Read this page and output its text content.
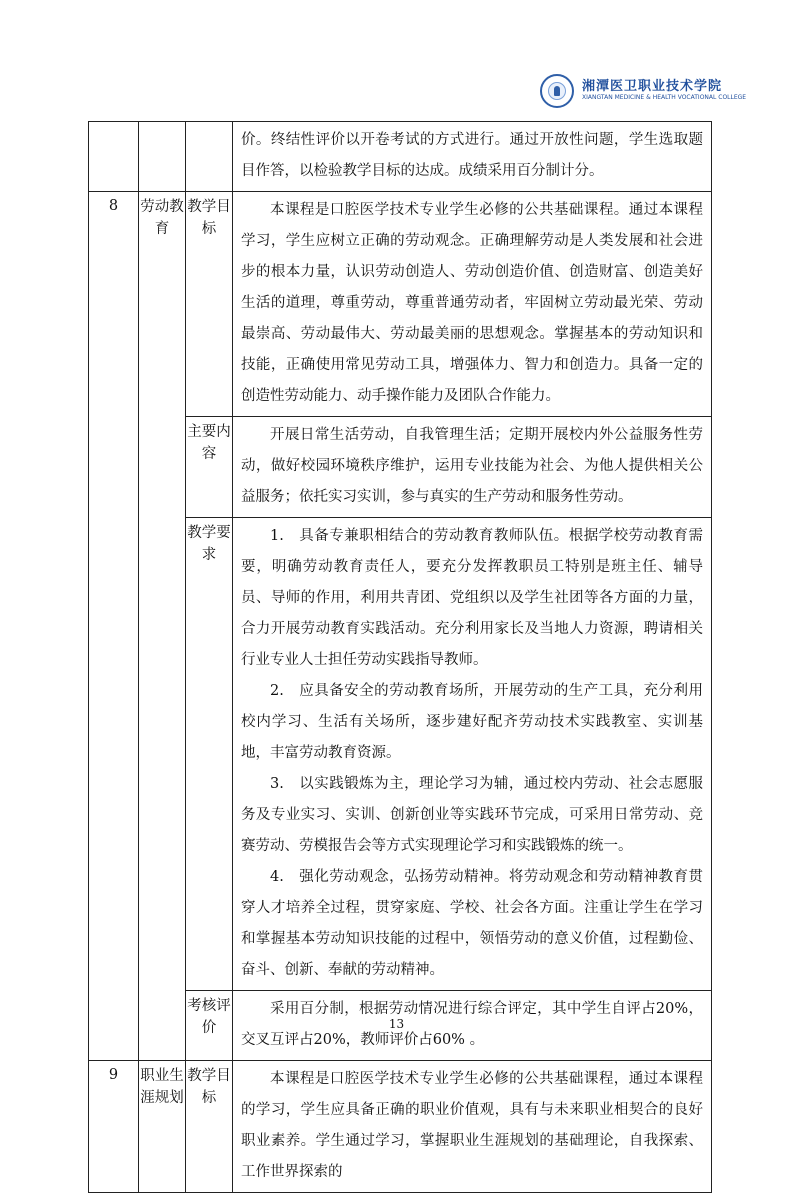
湘潭医卫职业技术学院
XIANGTAN MEDICINE & HEALTH VOCATIONAL COLLEGE
			价。终结性评价以开卷考试的方式进行。通过开放性问题，学生选取题目作答，以检验教学目标的达成。成绩采用百分制计分。
8	劳动教育	教学目标	本课程是口腔医学技术专业学生必修的公共基础课程。通过本课程学习，学生应树立正确的劳动观念。正确理解劳动是人类发展和社会进步的根本力量，认识劳动创造人、劳动创造价值、创造财富、创造美好生活的道理，尊重劳动，尊重普通劳动者，牢固树立劳动最光荣、劳动最崇高、劳动最伟大、劳动最美丽的思想观念。掌握基本的劳动知识和技能，正确使用常见劳动工具，增强体力、智力和创造力。具备一定的创造性劳动能力、动手操作能力及团队合作能力。

		主要内容	开展日常生活劳动，自我管理生活；定期开展校内外公益服务性劳动，做好校园环境秩序维护，运用专业技能为社会、为他人提供相关公益服务；依托实习实训，参与真实的生产劳动和服务性劳动。

		教学要求	1.　具备专兼职相结合的劳动教育教师队伍。根据学校劳动教育需要，明确劳动教育责任人，要充分发挥教职员工特别是班主任、辅导员、导师的作用，利用共青团、党组织以及学生社团等各方面的力量，合力开展劳动教育实践活动。充分利用家长及当地人力资源，聘请相关行业专业人士担任劳动实践指导教师。

2.　应具备安全的劳动教育场所，开展劳动的生产工具，充分利用校内学习、生活有关场所，逐步建好配齐劳动技术实践教室、实训基地，丰富劳动教育资源。

3.　以实践锻炼为主，理论学习为辅，通过校内劳动、社会志愿服务及专业实习、实训、创新创业等实践环节完成，可采用日常劳动、竞赛劳动、劳模报告会等方式实现理论学习和实践锻炼的统一。

4.　强化劳动观念，弘扬劳动精神。将劳动观念和劳动精神教育贯穿人才培养全过程，贯穿家庭、学校、社会各方面。注重让学生在学习和掌握基本劳动知识技能的过程中，领悟劳动的意义价值，过程勤俭、奋斗、创新、奉献的劳动精神。

		考核评价	采用百分制，根据劳动情况进行综合评定，其中学生自评占20%，交叉互评占20%，教师评价占60% 。

9	职业生涯规划	教学目标	本课程是口腔医学技术专业学生必修的公共基础课程，通过本课程的学习，学生应具备正确的职业价值观，具有与未来职业相契合的良好职业素养。学生通过学习，掌握职业生涯规划的基础理论，自我探索、工作世界探索的

13
